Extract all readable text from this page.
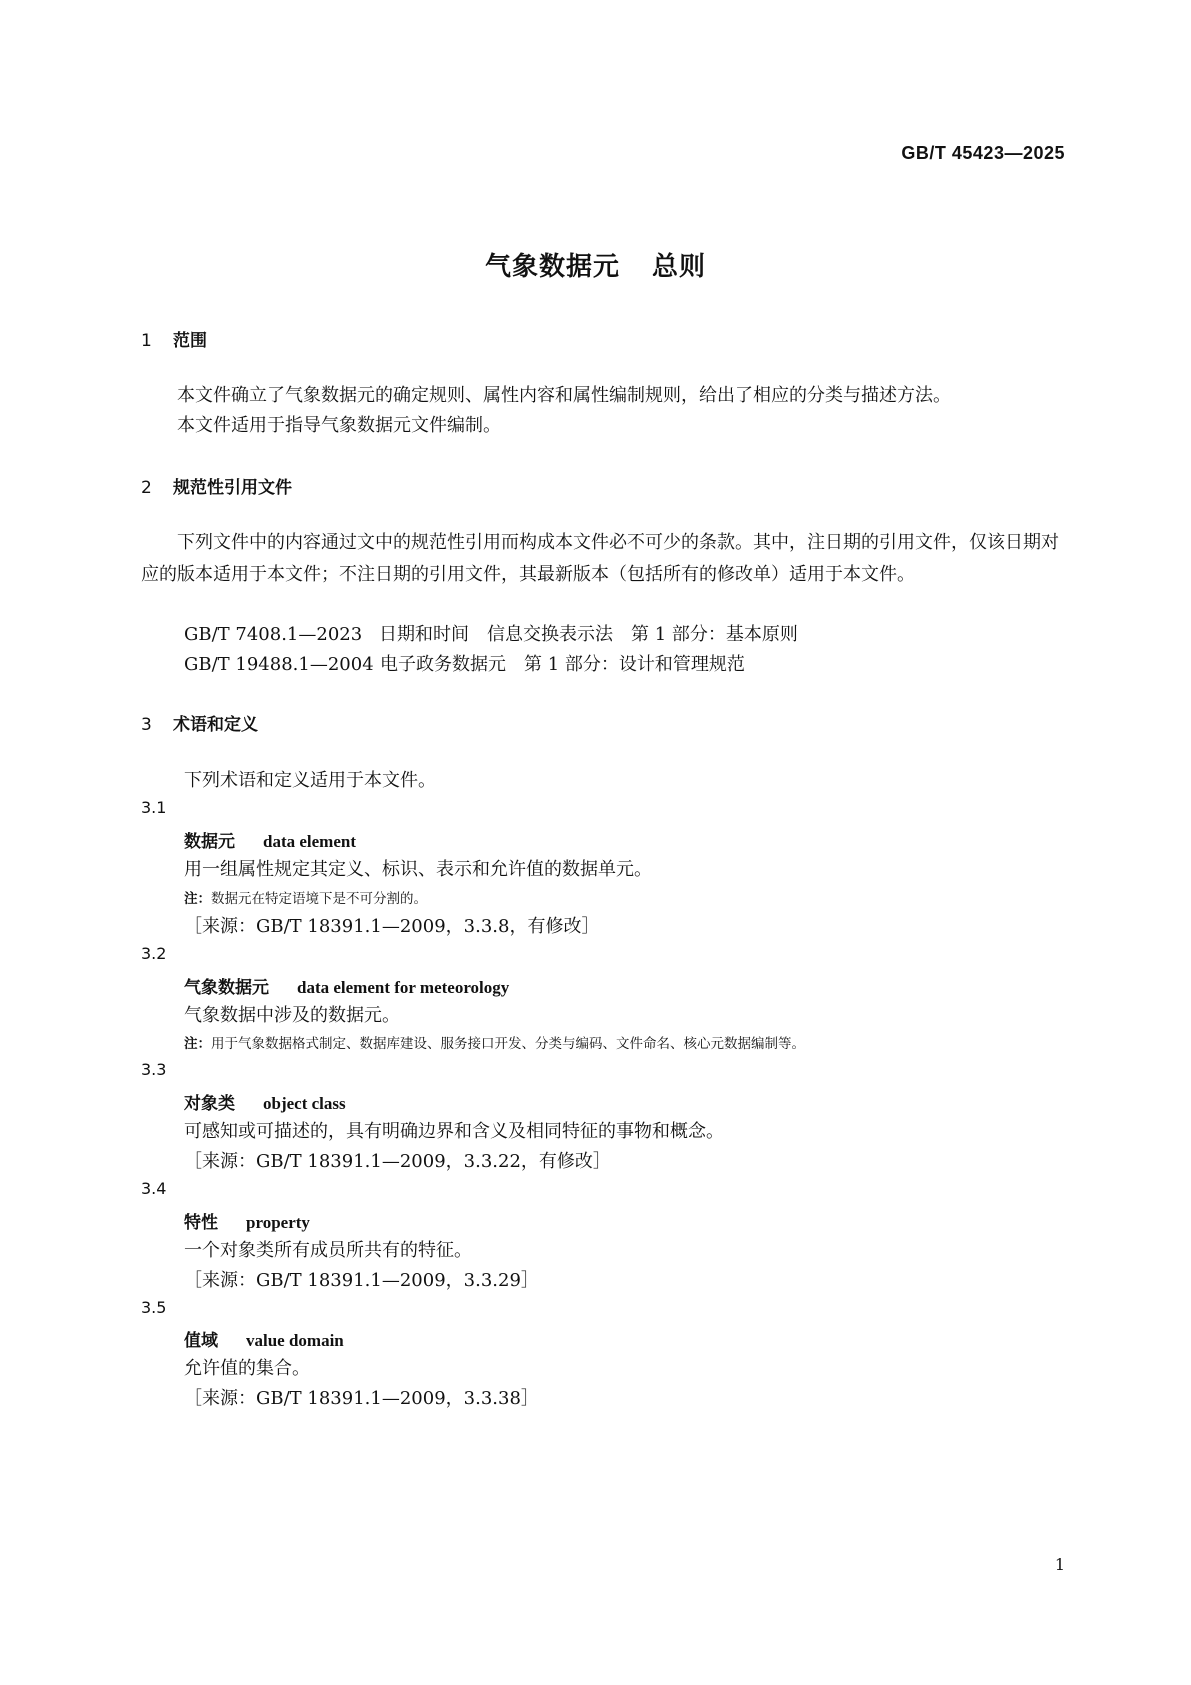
GB/T 45423—2025
气象数据元 总则
1 范围
本文件确立了气象数据元的确定规则、属性内容和属性编制规则，给出了相应的分类与描述方法。
本文件适用于指导气象数据元文件编制。
2 规范性引用文件
下列文件中的内容通过文中的规范性引用而构成本文件必不可少的条款。其中，注日期的引用文件，仅该日期对应的版本适用于本文件；不注日期的引用文件，其最新版本（包括所有的修改单）适用于本文件。
GB/T 7408.1—2023 日期和时间　信息交换表示法　第 1 部分：基本原则
GB/T 19488.1—2004 电子政务数据元　第 1 部分：设计和管理规范
3 术语和定义
下列术语和定义适用于本文件。
3.1
数据元 data element
用一组属性规定其定义、标识、表示和允许值的数据单元。
注：数据元在特定语境下是不可分割的。
［来源：GB/T 18391.1—2009，3.3.8，有修改］
3.2
气象数据元 data element for meteorology
气象数据中涉及的数据元。
注：用于气象数据格式制定、数据库建设、服务接口开发、分类与编码、文件命名、核心元数据编制等。
3.3
对象类 object class
可感知或可描述的，具有明确边界和含义及相同特征的事物和概念。
［来源：GB/T 18391.1—2009，3.3.22，有修改］
3.4
特性 property
一个对象类所有成员所共有的特征。
［来源：GB/T 18391.1—2009，3.3.29］
3.5
值域 value domain
允许值的集合。
［来源：GB/T 18391.1—2009，3.3.38］
1
